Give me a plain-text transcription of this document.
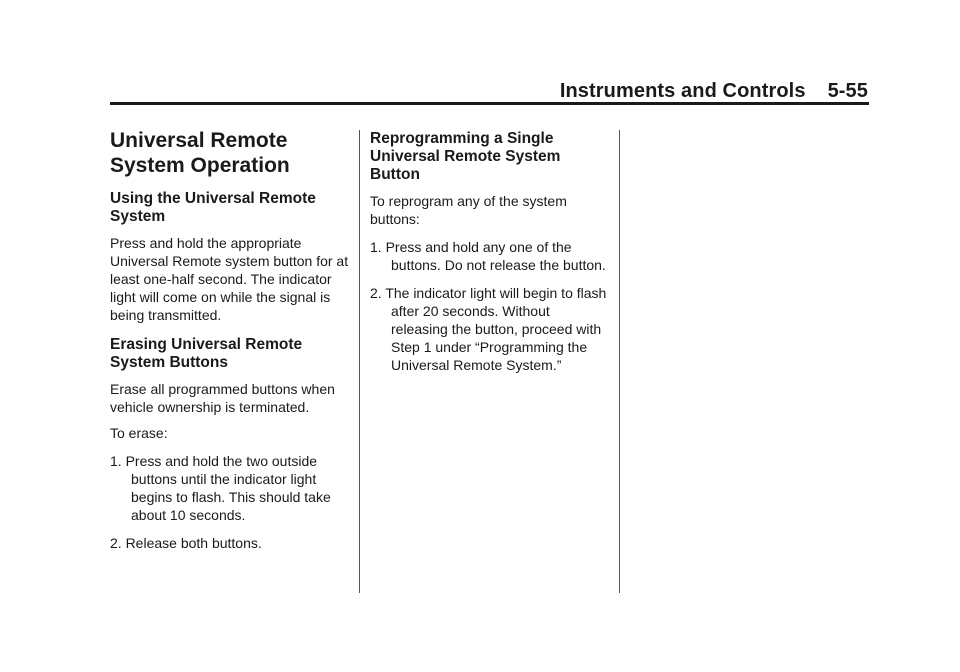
Instruments and Controls 5-55
Universal Remote System Operation
Using the Universal Remote System

Press and hold the appropriate Universal Remote system button for at least one-half second. The indicator light will come on while the signal is being transmitted.

Erasing Universal Remote System Buttons

Erase all programmed buttons when vehicle ownership is terminated.

To erase:

1. Press and hold the two outside buttons until the indicator light begins to flash. This should take about 10 seconds.
2. Release both buttons.
Reprogramming a Single Universal Remote System Button

To reprogram any of the system buttons:

1. Press and hold any one of the buttons. Do not release the button.
2. The indicator light will begin to flash after 20 seconds. Without releasing the button, proceed with Step 1 under “Programming the Universal Remote System.”
